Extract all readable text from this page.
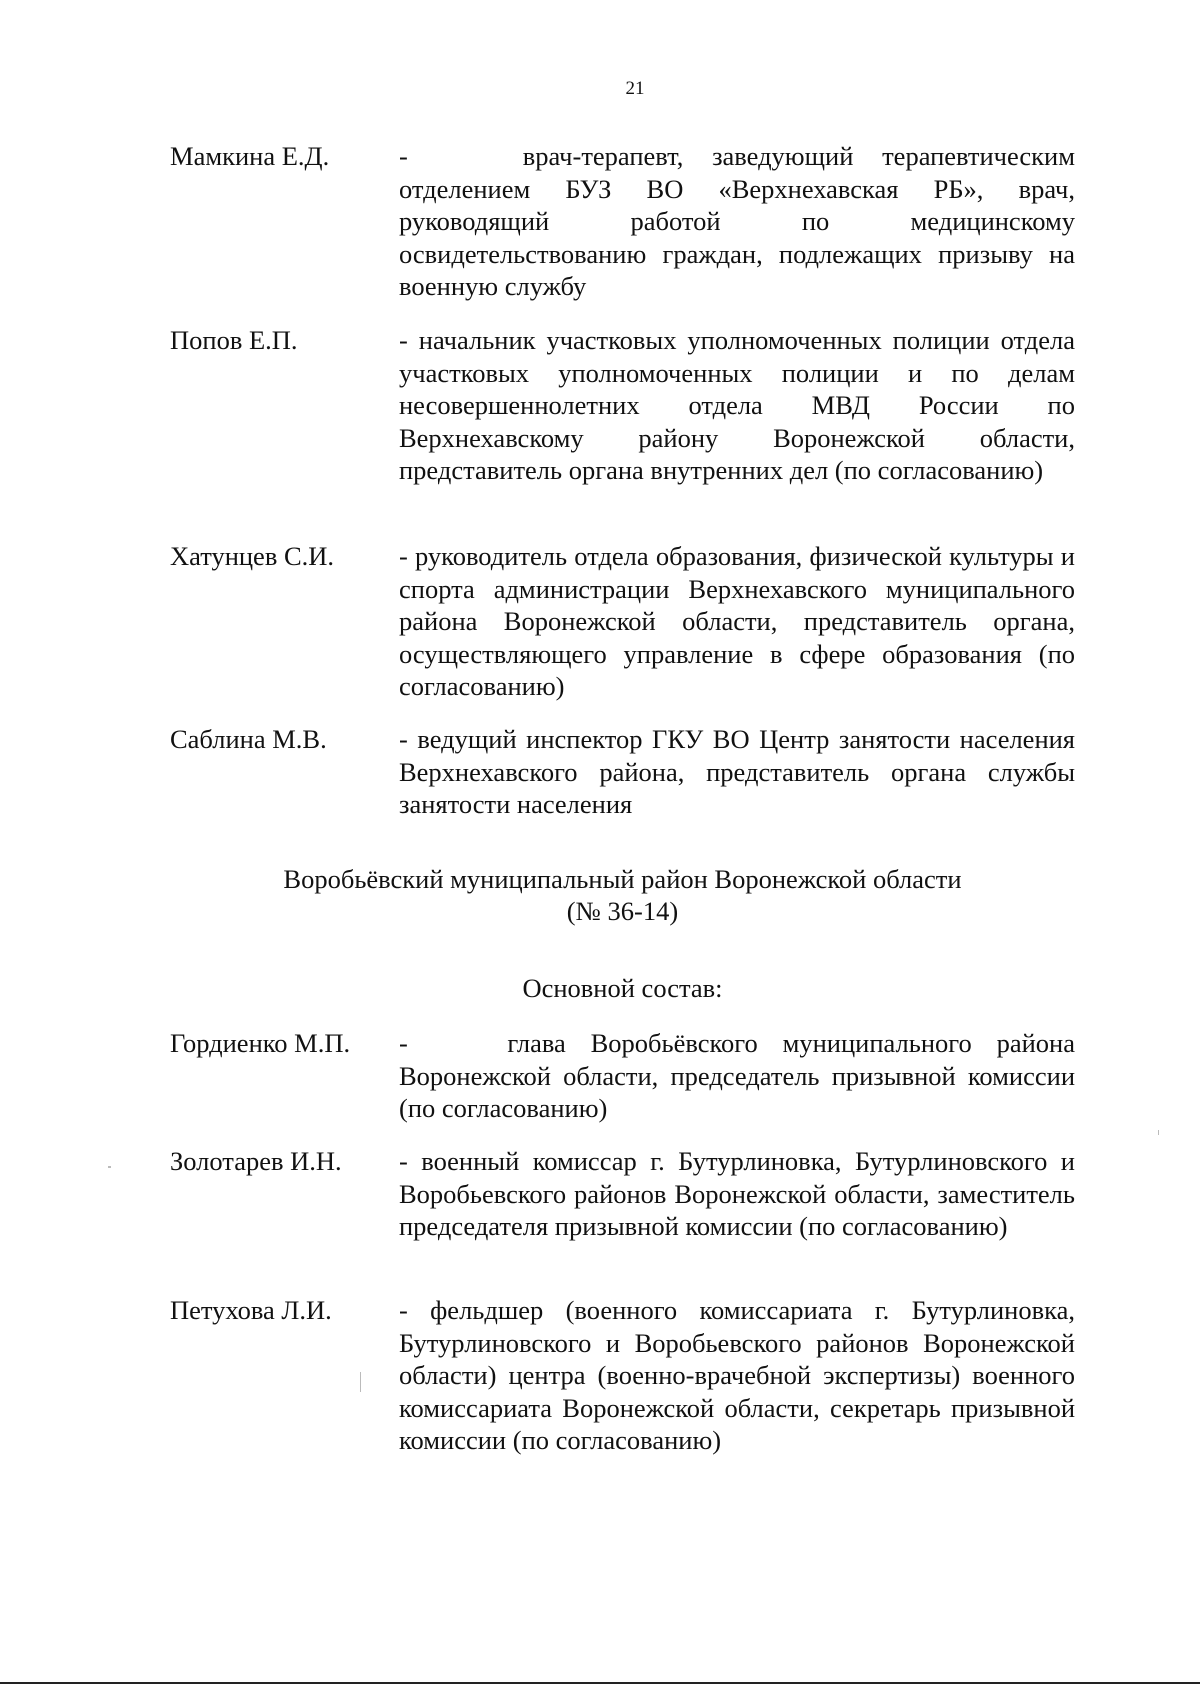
21
Мамкина Е.Д.	-    врач-терапевт, заведующий терапевтическим отделением БУЗ ВО «Верхнехавская РБ», врач, руководящий работой по медицинскому освидетельствованию граждан, подлежащих призыву на военную службу
Попов Е.П.	- начальник участковых уполномоченных полиции отдела участковых уполномоченных полиции и по делам несовершеннолетних отдела МВД России по Верхнехавскому району Воронежской области, представитель органа внутренних дел (по согласованию)
Хатунцев С.И. - руководитель отдела образования, физической культуры и спорта администрации Верхнехавского муниципального района Воронежской области, представитель органа, осуществляющего управление в сфере образования (по согласованию)
Саблина М.В.	- ведущий инспектор ГКУ ВО Центр занятости населения Верхнехавского района, представитель органа службы занятости населения
Воробьёвский муниципальный район Воронежской области
(№ 36-14)
Основной состав:
Гордиенко М.П. -    глава Воробьёвского муниципального района Воронежской области, председатель призывной комиссии (по согласованию)
Золотарев И.Н. - военный комиссар г. Бутурлиновка, Бутурлиновского и Воробьевского районов Воронежской области, заместитель председателя призывной комиссии (по согласованию)
Петухова Л.И.	- фельдшер (военного комиссариата г. Бутурлиновка, Бутурлиновского и Воробьевского районов Воронежской области) центра (военно-врачебной экспертизы) военного комиссариата Воронежской области, секретарь призывной комиссии (по согласованию)
